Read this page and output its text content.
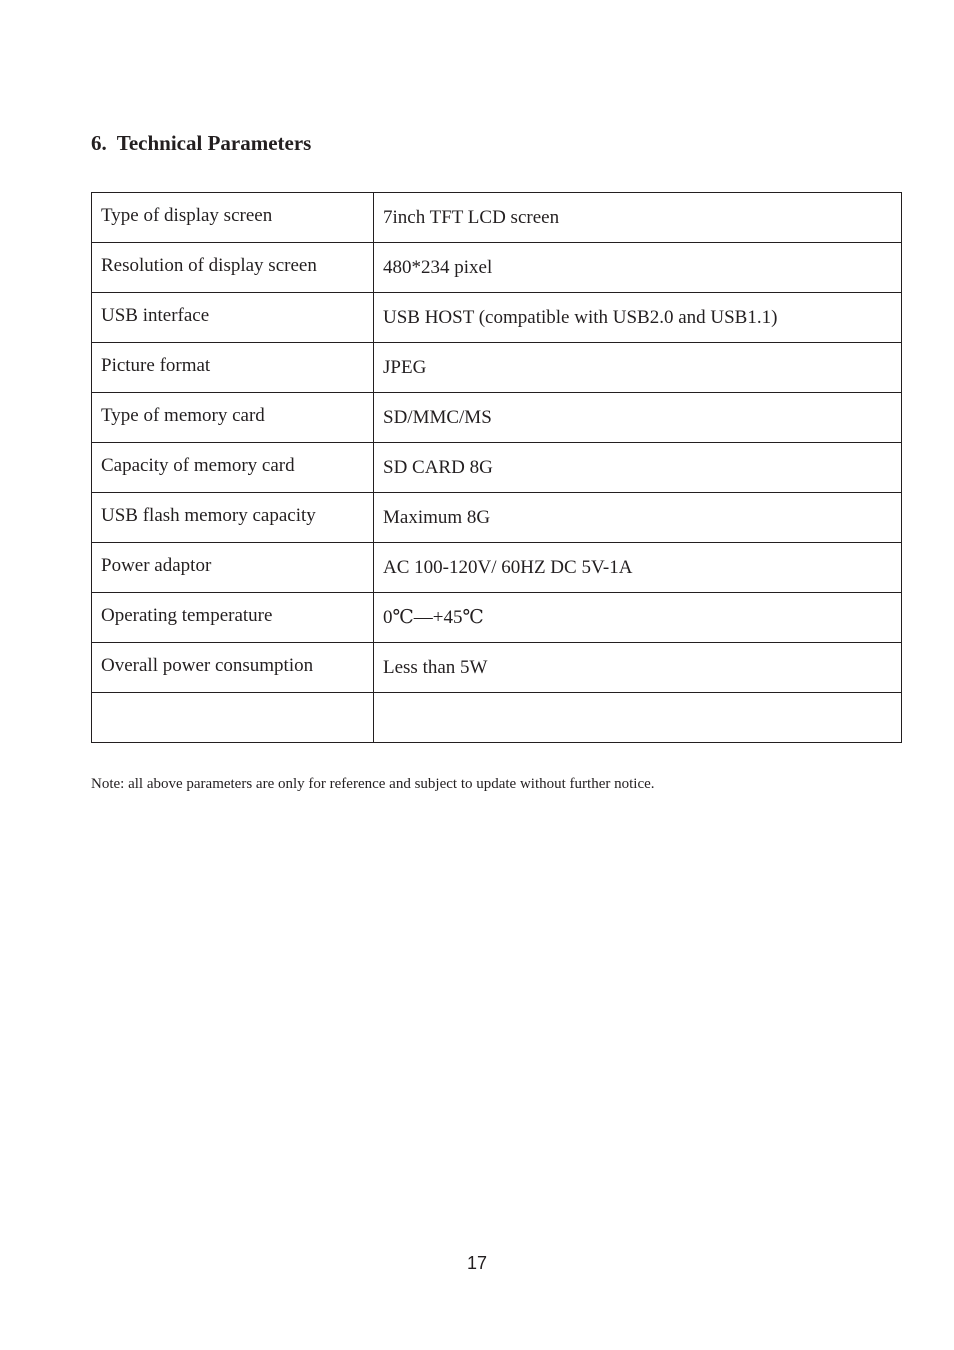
6. Technical Parameters
Type of display screen	7inch TFT LCD screen

Resolution of display screen	480*234 pixel

USB interface	USB HOST (compatible with USB2.0 and USB1.1)

Picture format	JPEG

Type of memory card	SD/MMC/MS

Capacity of memory card	SD CARD 8G

USB flash memory capacity	Maximum 8G

Power adaptor	AC 100-120V/ 60HZ DC 5V-1A

Operating temperature	0℃—+45℃

Overall power consumption	Less than 5W

Note: all above parameters are only for reference and subject to update without further notice.

17
